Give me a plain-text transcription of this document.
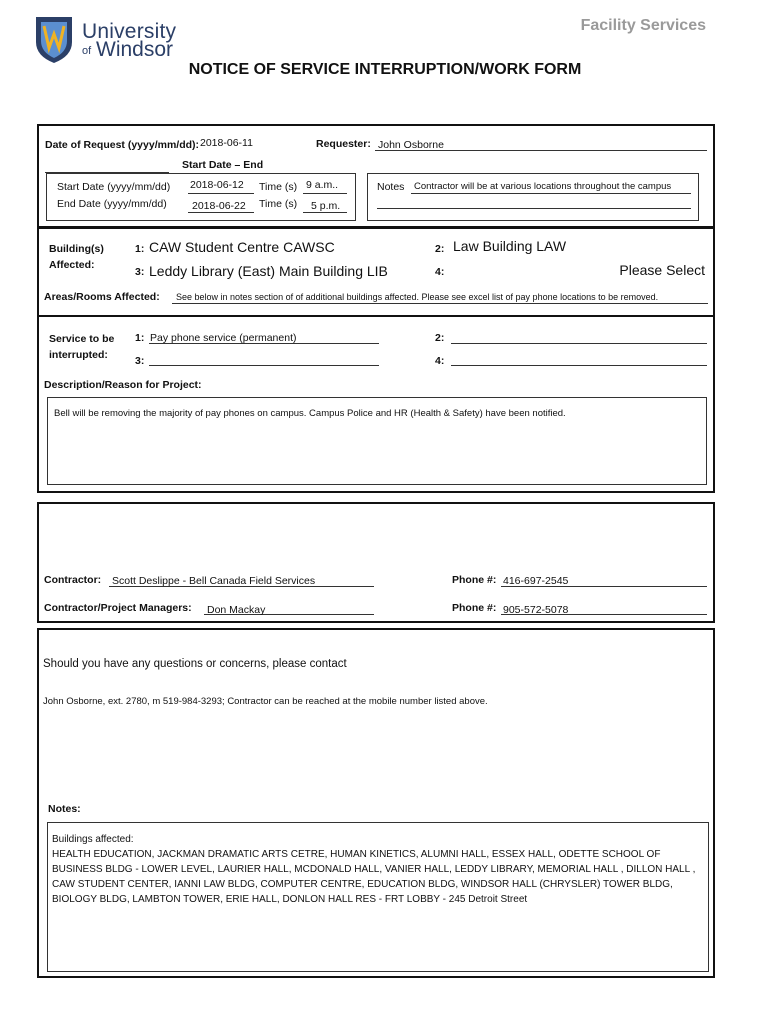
University
of Windsor
Facility Services
NOTICE OF SERVICE INTERRUPTION/WORK FORM
Date of Request (yyyy/mm/dd): 2018-06-11	Requester: John Osborne
Start Date – End
Start Date (yyyy/mm/dd) 2018-06-12 Time (s) 9 a.m..
End Date (yyyy/mm/dd) 2018-06-22 Time (s) 5 p.m.
Notes Contractor will be at various locations throughout the campus
Building(s)
Affected:
1: CAW Student Centre CAWSC	2: Law Building LAW
3: Leddy Library (East) Main Building LIB	4:	Please Select
Areas/Rooms Affected: See below in notes section of of additional buildings affected. Please see excel list of pay phone locations to be removed.
Service to be
interrupted:
1: Pay phone service (permanent)	2:
3:	4:
Description/Reason for Project:
Bell will be removing the majority of pay phones on campus. Campus Police and HR (Health & Safety) have been notified.
Contractor: Scott Deslippe - Bell Canada Field Services	Phone #: 416-697-2545
Contractor/Project Managers: Don Mackay	Phone #: 905-572-5078
Should you have any questions or concerns, please contact
John Osborne, ext. 2780, m 519-984-3293; Contractor can be reached at the mobile number listed above.
Notes:
Buildings affected:
HEALTH EDUCATION, JACKMAN DRAMATIC ARTS CETRE, HUMAN KINETICS, ALUMNI HALL, ESSEX HALL, ODETTE SCHOOL OF BUSINESS BLDG - LOWER LEVEL, LAURIER HALL, MCDONALD HALL, VANIER HALL, LEDDY LIBRARY, MEMORIAL HALL , DILLON HALL , CAW STUDENT CENTER, IANNI LAW BLDG, COMPUTER CENTRE, EDUCATION BLDG, WINDSOR HALL (CHRYSLER) TOWER BLDG, BIOLOGY BLDG, LAMBTON TOWER, ERIE HALL, DONLON HALL RES - FRT LOBBY - 245 Detroit Street
